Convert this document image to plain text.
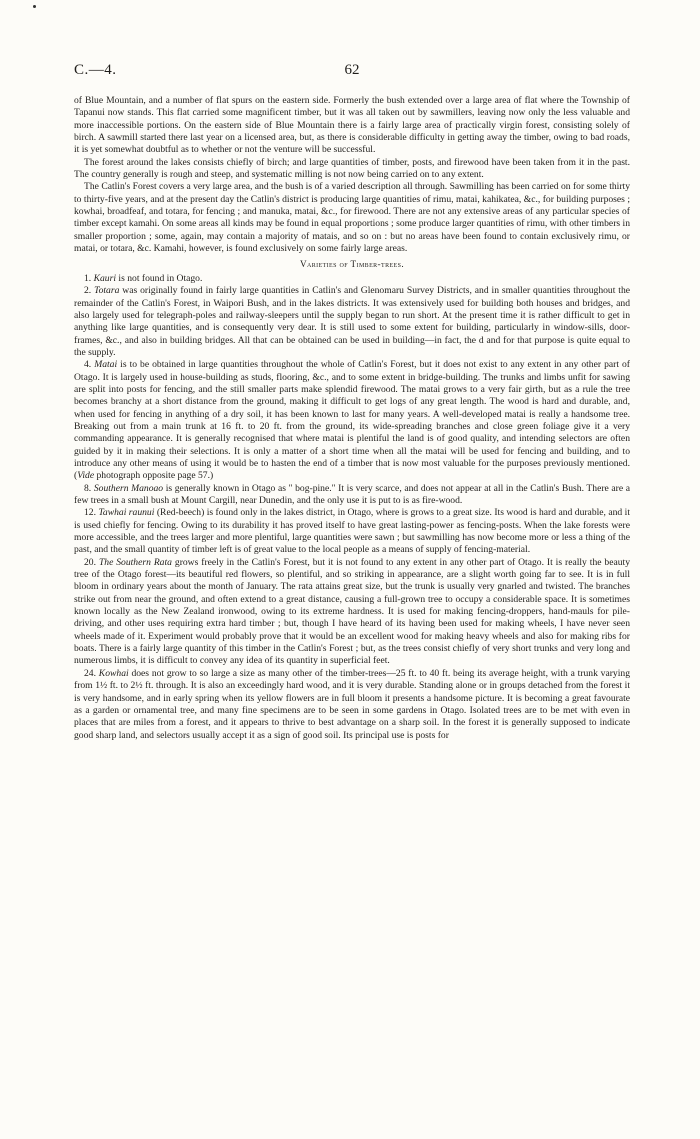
C.—4.	62

of Blue Mountain, and a number of flat spurs on the eastern side. Formerly the bush extended over a large area of flat where the Township of Tapanui now stands. This flat carried some magnificent timber, but it was all taken out by sawmillers, leaving now only the less valuable and more inaccessible portions. On the eastern side of Blue Mountain there is a fairly large area of practically virgin forest, consisting solely of birch. A sawmill started there last year on a licensed area, but, as there is considerable difficulty in getting away the timber, owing to bad roads, it is yet somewhat doubtful as to whether or not the venture will be successful.

The forest around the lakes consists chiefly of birch; and large quantities of timber, posts, and firewood have been taken from it in the past. The country generally is rough and steep, and systematic milling is not now being carried on to any extent.

The Catlin's Forest covers a very large area, and the bush is of a varied description all through. Sawmilling has been carried on for some thirty to thirty-five years, and at the present day the Catlin's district is producing large quantities of rimu, matai, kahikatea, &c., for building purposes ; kowhai, broadfeaf, and totara, for fencing ; and manuka, matai, &c., for firewood. There are not any extensive areas of any particular species of timber except kamahi. On some areas all kinds may be found in equal proportions ; some produce larger quantities of rimu, with other timbers in smaller proportion ; some, again, may contain a majority of matais, and so on : but no areas have been found to contain exclusively rimu, or matai, or totara, &c. Kamahi, however, is found exclusively on some fairly large areas.

Varieties of Timber-trees.

1. Kauri is not found in Otago.

2. Totara was originally found in fairly large quantities in Catlin's and Glenomaru Survey Districts, and in smaller quantities throughout the remainder of the Catlin's Forest, in Waipori Bush, and in the lakes districts. It was extensively used for building both houses and bridges, and also largely used for telegraph-poles and railway-sleepers until the supply began to run short. At the present time it is rather difficult to get in anything like large quantities, and is consequently very dear. It is still used to some extent for building, particularly in window-sills, door-frames, &c., and also in building bridges. All that can be obtained can be used in building—in fact, the d and for that purpose is quite equal to the supply.

4. Matai is to be obtained in large quantities throughout the whole of Catlin's Forest, but it does not exist to any extent in any other part of Otago. It is largely used in house-building as studs, flooring, &c., and to some extent in bridge-building. The trunks and limbs unfit for sawing are split into posts for fencing, and the still smaller parts make splendid firewood. The matai grows to a very fair girth, but as a rule the tree becomes branchy at a short distance from the ground, making it difficult to get logs of any great length. The wood is hard and durable, and, when used for fencing in anything of a dry soil, it has been known to last for many years. A well-developed matai is really a handsome tree. Breaking out from a main trunk at 16 ft. to 20 ft. from the ground, its wide-spreading branches and close green foliage give it a very commanding appearance. It is generally recognised that where matai is plentiful the land is of good quality, and intending selectors are often guided by it in making their selections. It is only a matter of a short time when all the matai will be used for fencing and building, and to introduce any other means of using it would be to hasten the end of a timber that is now most valuable for the purposes previously mentioned. (Vide photograph opposite page 57.)

8. Southern Manoao is generally known in Otago as " bog-pine." It is very scarce, and does not appear at all in the Catlin's Bush. There are a few trees in a small bush at Mount Cargill, near Dunedin, and the only use it is put to is as fire-wood.

12. Tawhai raunui (Red-beech) is found only in the lakes district, in Otago, where is grows to a great size. Its wood is hard and durable, and it is used chiefly for fencing. Owing to its durability it has proved itself to have great lasting-power as fencing-posts. When the lake forests were more accessible, and the trees larger and more plentiful, large quantities were sawn ; but sawmilling has now become more or less a thing of the past, and the small quantity of timber left is of great value to the local people as a means of supply of fencing-material.

20. The Southern Rata grows freely in the Catlin's Forest, but it is not found to any extent in any other part of Otago. It is really the beauty tree of the Otago forest—its beautiful red flowers, so plentiful, and so striking in appearance, are a slight worth going far to see. It is in full bloom in ordinary years about the month of January. The rata attains great size, but the trunk is usually very gnarled and twisted. The branches strike out from near the ground, and often extend to a great distance, causing a full-grown tree to occupy a considerable space. It is sometimes known locally as the New Zealand ironwood, owing to its extreme hardness. It is used for making fencing-droppers, hand-mauls for pile-driving, and other uses requiring extra hard timber ; but, though I have heard of its having been used for making wheels, I have never seen wheels made of it. Experiment would probably prove that it would be an excellent wood for making heavy wheels and also for making ribs for boats. There is a fairly large quantity of this timber in the Catlin's Forest ; but, as the trees consist chiefly of very short trunks and very long and numerous limbs, it is difficult to convey any idea of its quantity in superficial feet.

24. Kowhai does not grow to so large a size as many other of the timber-trees—25 ft. to 40 ft. being its average height, with a trunk varying from 1½ ft. to 2½ ft. through. It is also an exceedingly hard wood, and it is very durable. Standing alone or in groups detached from the forest it is very handsome, and in early spring when its yellow flowers are in full bloom it presents a handsome picture. It is becoming a great favourate as a garden or ornamental tree, and many fine specimens are to be seen in some gardens in Otago. Isolated trees are to be met with even in places that are miles from a forest, and it appears to thrive to best advantage on a sharp soil. In the forest it is generally supposed to indicate good sharp land, and selectors usually accept it as a sign of good soil. Its principal use is posts for
